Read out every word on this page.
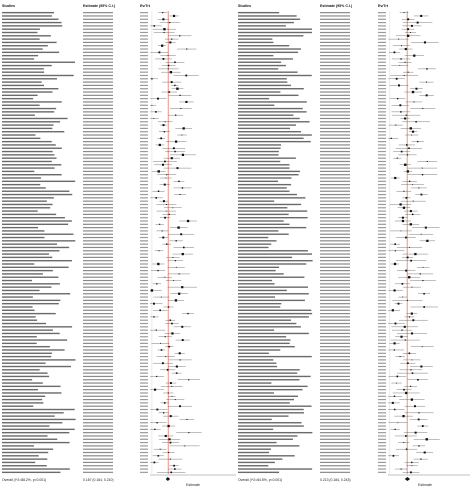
Studies	Estimate (95% C.I.)	Ev/Trt
Overall (I^2=88.2%, p<0.001)	0.187 (0.164, 0.210)
Estimate
Studies	Estimate (95% C.I.)	Ev/Trt
Overall (I^2=84.5%, p<0.001)	0.213 (0.184, 0.243)
Estimate
